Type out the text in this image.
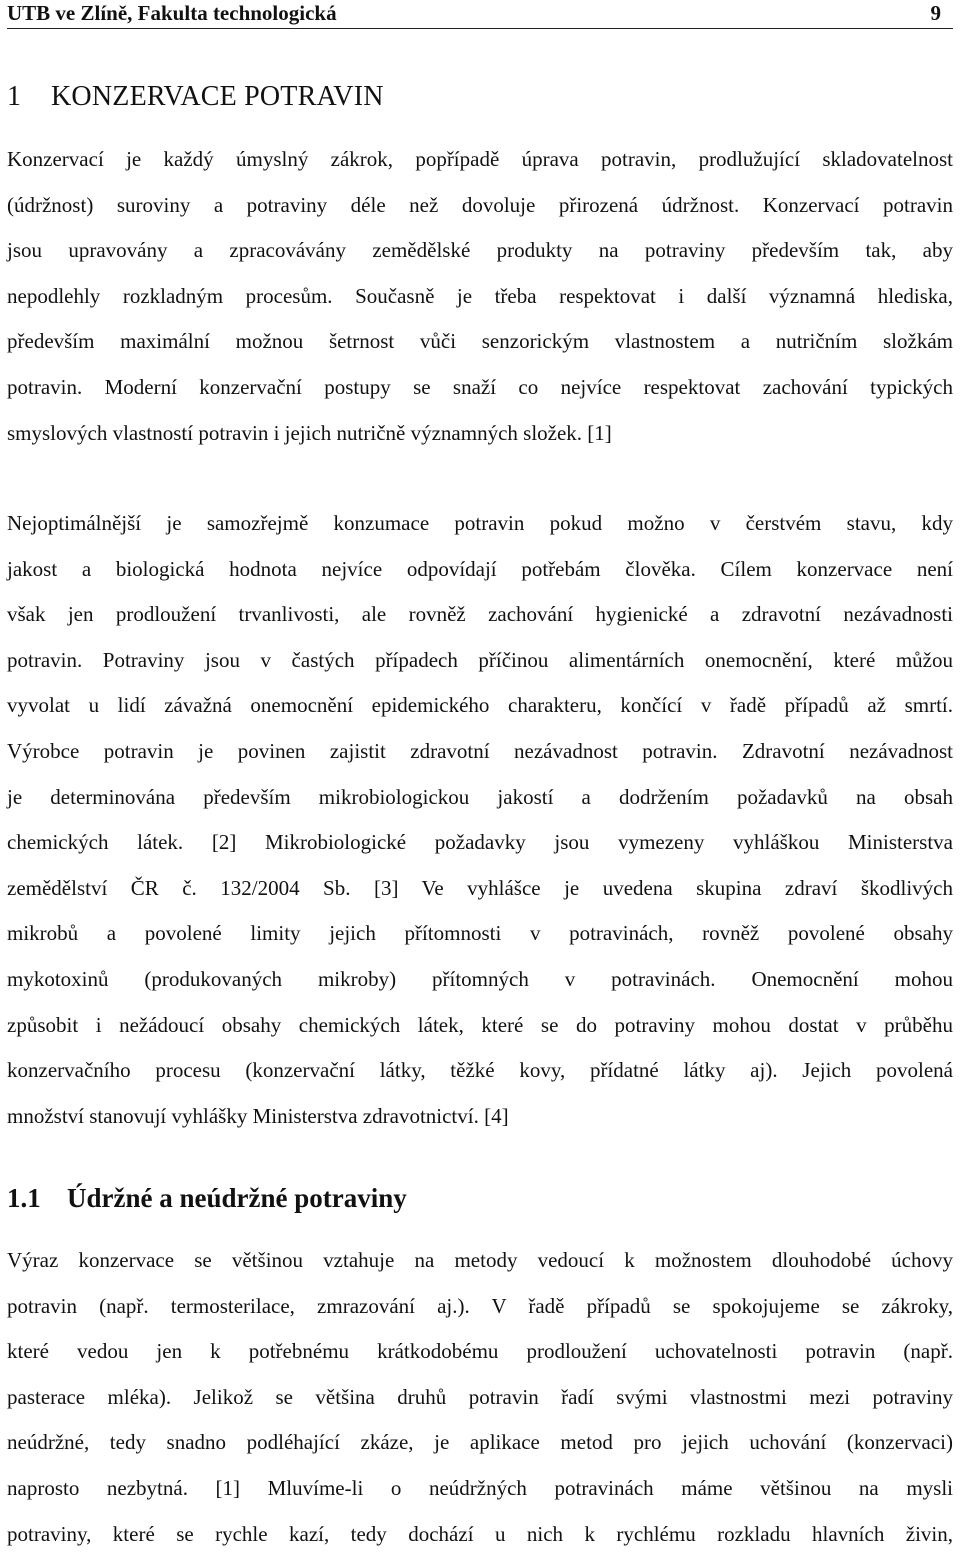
UTB ve Zlíně, Fakulta technologická	9
1 KONZERVACE POTRAVIN

Konzervací je každý úmyslný zákrok, popřípadě úprava potravin, prodlužující skladovatelnost
(údržnost) suroviny a potraviny déle než dovoluje přirozená údržnost. Konzervací potravin
jsou upravovány a zpracovávány zemědělské produkty na potraviny především tak, aby
nepodlehly rozkladným procesům. Současně je třeba respektovat i další významná hlediska,
především maximální možnou šetrnost vůči senzorickým vlastnostem a nutričním složkám
potravin. Moderní konzervační postupy se snaží co nejvíce respektovat zachování typických
smyslových vlastností potravin i jejich nutričně významných složek. [1]

Nejoptimálnější je samozřejmě konzumace potravin pokud možno v čerstvém stavu, kdy
jakost a biologická hodnota nejvíce odpovídají potřebám člověka. Cílem konzervace není
však jen prodloužení trvanlivosti, ale rovněž zachování hygienické a zdravotní nezávadnosti
potravin. Potraviny jsou v častých případech příčinou alimentárních onemocnění, které můžou
vyvolat u lidí závažná onemocnění epidemického charakteru, končící v řadě případů až smrtí.
Výrobce potravin je povinen zajistit zdravotní nezávadnost potravin. Zdravotní nezávadnost
je determinována především mikrobiologickou jakostí a dodržením požadavků na obsah
chemických látek. [2] Mikrobiologické požadavky jsou vymezeny vyhláškou Ministerstva
zemědělství ČR č. 132/2004 Sb. [3] Ve vyhlášce je uvedena skupina zdraví škodlivých
mikrobů a povolené limity jejich přítomnosti v potravinách, rovněž povolené obsahy
mykotoxinů (produkovaných mikroby) přítomných v potravinách. Onemocnění mohou
způsobit i nežádoucí obsahy chemických látek, které se do potraviny mohou dostat v průběhu
konzervačního procesu (konzervační látky, těžké kovy, přídatné látky aj). Jejich povolená
množství stanovují vyhlášky Ministerstva zdravotnictví. [4]

1.1 Údržné a neúdržné potraviny

Výraz konzervace se většinou vztahuje na metody vedoucí k možnostem dlouhodobé úchovy
potravin (např. termosterilace, zmrazování aj.). V řadě případů se spokojujeme se zákroky,
které vedou jen k potřebnému krátkodobému prodloužení uchovatelnosti potravin (např.
pasterace mléka). Jelikož se většina druhů potravin řadí svými vlastnostmi mezi potraviny
neúdržné, tedy snadno podléhající zkáze, je aplikace metod pro jejich uchování (konzervaci)
naprosto nezbytná. [1] Mluvíme-li o neúdržných potravinách máme většinou na mysli
potraviny, které se rychle kazí, tedy dochází u nich k rychlému rozkladu hlavních živin,
